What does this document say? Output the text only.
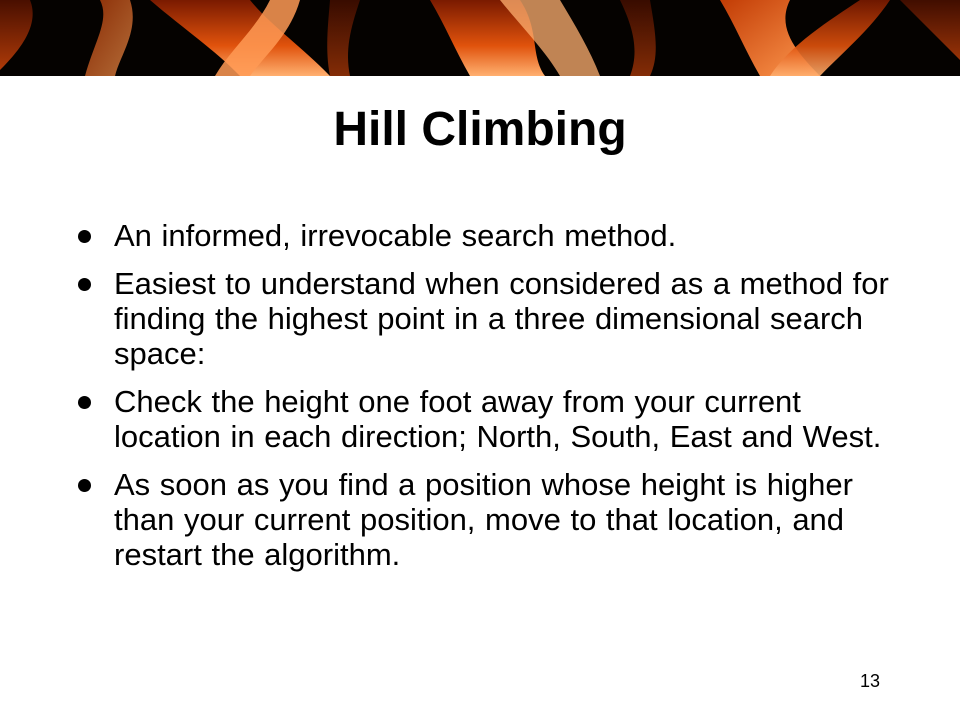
Hill Climbing
An informed, irrevocable search method.
Easiest to understand when considered as a method for finding the highest point in a three dimensional search space:
Check the height one foot away from your current location in each direction; North, South, East and West.
As soon as you find a position whose height is higher than your current position, move to that location, and restart the algorithm.
13
